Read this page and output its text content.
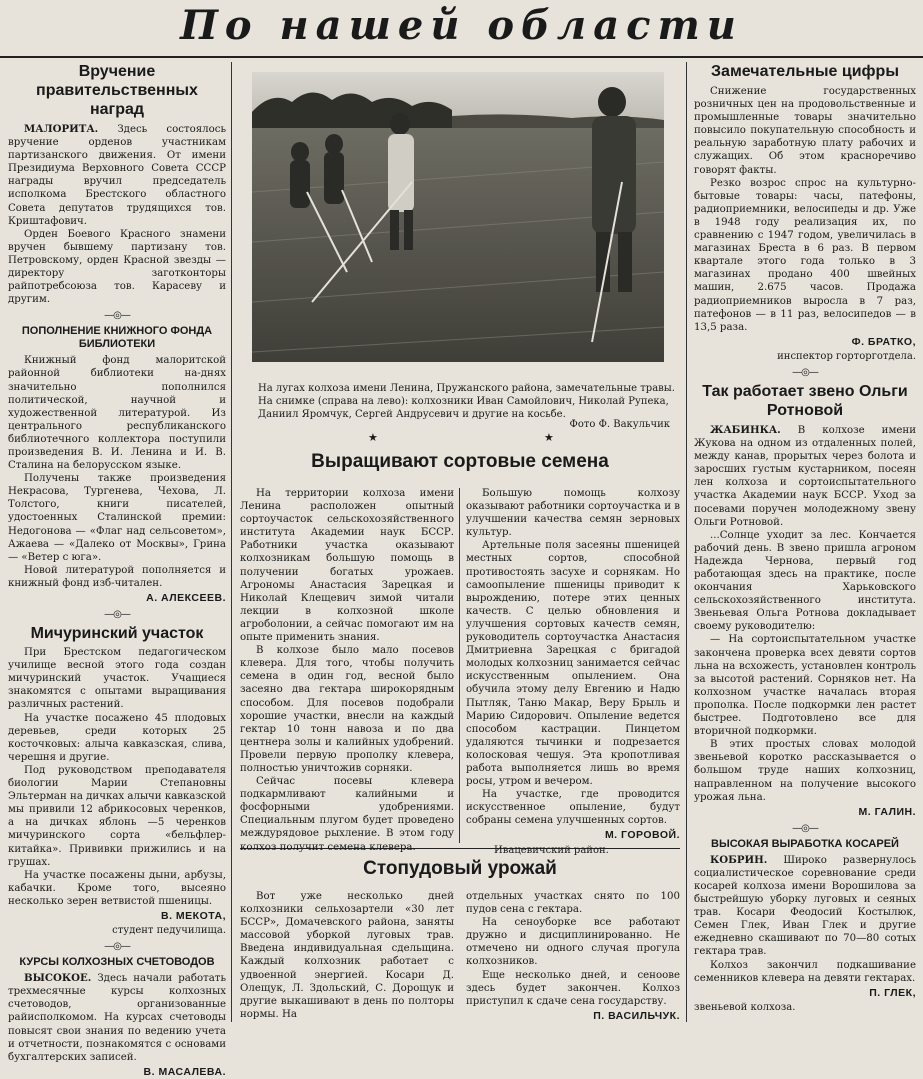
По нашей области
Вручение правительственных наград

МАЛОРИТА. Здесь состоялось вручение орденов участникам партизанского движения. От имени Президиума Верховного Совета СССР награды вручил председатель исполкома Брестского областного Совета депутатов трудящихся тов. Криштафович.

Орден Боевого Красного знамени вручен бывшему партизану тов. Петровскому, орден Красной звезды — директору заготконторы райпотребсоюза тов. Карасеву и другим.

—◎—
ПОПОЛНЕНИЕ КНИЖНОГО ФОНДА БИБЛИОТЕКИ

Книжный фонд малоритской районной библиотеки на-днях значительно пополнился политической, научной и художественной литературой. Из центрального республиканского библиотечного коллектора поступили произведения В. И. Ленина и И. В. Сталина на белорусском языке.

Получены также произведения Некрасова, Тургенева, Чехова, Л. Толстого, книги писателей, удостоенных Сталинской премии: Недогонова — «Флаг над сельсоветом», Ажаева — «Далеко от Москвы», Грина — «Ветер с юга».

Новой литературой пополняется и книжный фонд изб-читален.

А. АЛЕКСЕЕВ.
—◎—
Мичуринский участок

При Брестском педагогическом училище весной этого года создан мичуринский участок. Учащиеся знакомятся с опытами выращивания различных растений.

На участке посажено 45 плодовых деревьев, среди которых 25 косточковых: алыча кавказская, слива, черешня и другие.

Под руководством преподавателя биологии Марии Степановны Эльтерман на дичках алычи кавказской мы привили 12 абрикосовых черенков, а на дичках яблонь —5 черенков мичуринского сорта «бельфлер-китайка». Прививки прижились и на грушах.

На участке посажены дыни, арбузы, кабачки. Кроме того, высеяно несколько зерен ветвистой пшеницы.

В. МЕКОТА,
студент педучилища.
—◎—
КУРСЫ КОЛХОЗНЫХ СЧЕТОВОДОВ

ВЫСОКОЕ. Здесь начали работать трехмесячные курсы колхозных счетоводов, организованные райисполкомом. На курсах счетоводы повысят свои знания по ведению учета и отчетности, познакомятся с основами бухгалтерских записей.

В. МАСАЛЕВА.
На лугах колхоза имени Ленина, Пружанского района, замечательные травы. На снимке (справа на лево): колхозники Иван Самойлович, Николай Рупека, Даниил Яромчук, Сергей Андрусевич и другие на косьбе.
Фото Ф. Вакульчик
★	★
Выращивают сортовые семена

На территории колхоза имени Ленина расположен опытный сортоучасток сельскохозяйственного института Академии наук БССР. Работники участка оказывают колхозникам большую помощь в получении богатых урожаев. Агрономы Анастасия Зарецкая и Николай Клещевич зимой читали лекции в колхозной школе агроболонии, а сейчас помогают им на опыте применить знания.

В колхозе было мало посевов клевера. Для того, чтобы получить семена в один год, весной было засеяно два гектара широкорядным способом. Для посевов подобрали хорошие участки, внесли на каждый гектар 10 тонн навоза и по два центнера золы и калийных удобрений. Провели первую прополку клевера, полностью уничтожив сорняки.

Сейчас посевы клевера подкармливают калийными и фосфорными удобрениями. Специальным плугом будет проведено междурядовое рыхление. В этом году колхоз получит семена клевера.

Большую помощь колхозу оказывают работники сортоучастка и в улучшении качества семян зерновых культур.

Артельные поля засеяны пшеницей местных сортов, способной противостоять засухе и сорнякам. Но самоопыление пшеницы приводит к вырождению, потере этих ценных качеств. С целью обновления и улучшения сортовых качеств семян, руководитель сортоучастка Анастасия Дмитриевна Зарецкая с бригадой молодых колхозниц занимается сейчас искусственным опылением. Она обучила этому делу Евгению и Надю Пытляк, Таню Макар, Веру Брыль и Марию Сидорович. Опыление ведется способом кастрации. Пинцетом удаляются тычинки и подрезается колосковая чешуя. Эта кропотливая работа выполняется лишь во время росы, утром и вечером.

На участке, где проводится искусственное опыление, будут собраны семена улучшенных сортов.

М. ГОРОВОЙ.
Ивацевичский район.
Стопудовый урожай

Вот уже несколько дней колхозники сельхозартели «30 лет БССР», Домачевского района, заняты массовой уборкой луговых трав. Введена индивидуальная сдельщина. Каждый колхозник работает с удвоенной энергией. Косари Д. Олещук, Л. Здольский, С. Дорощук и другие выкашивают в день по полторы нормы. На

отдельных участках снято по 100 пудов сена с гектара.

На сеноуборке все работают дружно и дисциплинированно. Не отмечено ни одного случая прогула колхозников.

Еще несколько дней, и сеноове здесь будет закончен. Колхоз приступил к сдаче сена государству.

П. ВАСИЛЬЧУК.
Замечательные цифры

Снижение государственных розничных цен на продовольственные и промышленные товары значительно повысило покупательную способность и реальную заработную плату рабочих и служащих. Об этом красноречиво говорят факты.

Резко возрос спрос на культурно-бытовые товары: часы, патефоны, радиоприемники, велосипеды и др. Уже в 1948 году реализация их, по сравнению с 1947 годом, увеличилась в магазинах Бреста в 6 раз. В первом квартале этого года только в 3 магазинах продано 400 швейных машин, 2.675 часов. Продажа радиоприемников выросла в 7 раз, патефонов — в 11 раз, велосипедов — в 13,5 раза.

Ф. БРАТКО,
инспектор горторготдела.
—◎—
Так работает звено Ольги Ротновой

ЖАБИНКА. В колхозе имени Жукова на одном из отдаленных полей, между канав, прорытых через болота и заросших густым кустарником, посеян лен колхоза и сортоиспытательного участка Академии наук БССР. Уход за посевами поручен молодежному звену Ольги Ротновой.

...Солнце уходит за лес. Кончается рабочий день. В звено пришла агроном Надежда Чернова, первый год работающая здесь на практике, после окончания Харьковского сельскохозяйственного института. Звеньевая Ольга Ротнова докладывает своему руководителю:

— На сортоиспытательном участке закончена проверка всех девяти сортов льна на всхожесть, установлен контроль за высотой растений. Сорняков нет. На колхозном участке началась вторая прополка. После подкормки лен растет быстрее. Подготовлено все для вторичной подкормки.

В этих простых словах молодой звеньевой коротко рассказывается о большом труде наших колхозниц, направленном на получение высокого урожая льна.

М. ГАЛИН.
—◎—
ВЫСОКАЯ ВЫРАБОТКА КОСАРЕЙ

КОБРИН. Широко развернулось социалистическое соревнование среди косарей колхоза имени Ворошилова за быстрейшую уборку луговых и сеяных трав. Косари Феодосий Костылюк, Семен Глек, Иван Глек и другие ежедневно скашивают по 70—80 сотых гектара трав.

Колхоз закончил подкашивание семенников клевера на девяти гектарах.

П. ГЛЕК,
звеньевой колхоза.
